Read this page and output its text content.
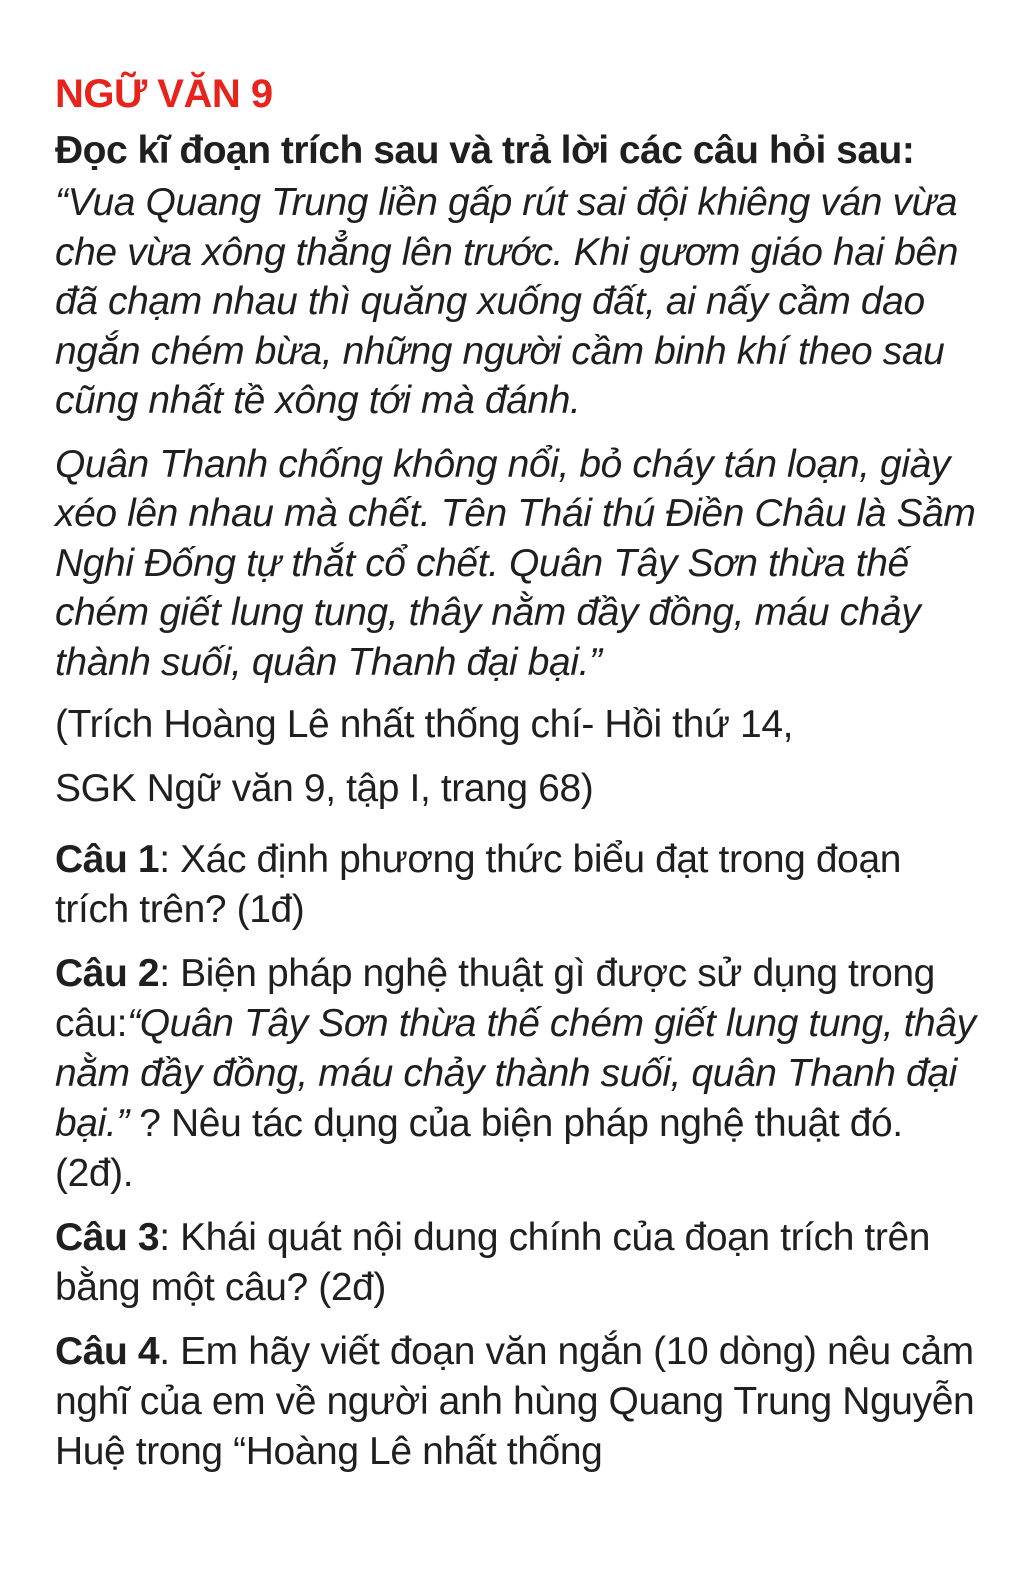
NGỮ VĂN 9
Đọc kĩ đoạn trích sau và trả lời các câu hỏi sau:

“Vua Quang Trung liền gấp rút sai đội khiêng ván vừa che vừa xông thẳng lên trước. Khi gươm giáo hai bên đã chạm nhau thì quăng xuống đất, ai nấy cầm dao ngắn chém bừa, những người cầm binh khí theo sau cũng nhất tề xông tới mà đánh.

Quân Thanh chống không nổi, bỏ cháy tán loạn, giày xéo lên nhau mà chết. Tên Thái thú Điền Châu là Sầm Nghi Đống tự thắt cổ chết. Quân Tây Sơn thừa thế chém giết lung tung, thây nằm đầy đồng, máu chảy thành suối, quân Thanh đại bại.”

(Trích Hoàng Lê nhất thống chí- Hồi thứ 14,
SGK Ngữ văn 9, tập I, trang 68)
Câu 1: Xác định phương thức biểu đạt trong đoạn trích trên? (1đ)
Câu 2: Biện pháp nghệ thuật gì được sử dụng trong câu:“Quân Tây Sơn thừa thế chém giết lung tung, thây nằm đầy đồng, máu chảy thành suối, quân Thanh đại bại.” ? Nêu tác dụng của biện pháp nghệ thuật đó. (2đ).
Câu 3: Khái quát nội dung chính của đoạn trích trên bằng một câu? (2đ)
Câu 4. Em hãy viết đoạn văn ngắn (10 dòng) nêu cảm nghĩ của em về người anh hùng Quang Trung Nguyễn Huệ trong “Hoàng Lê nhất thống
